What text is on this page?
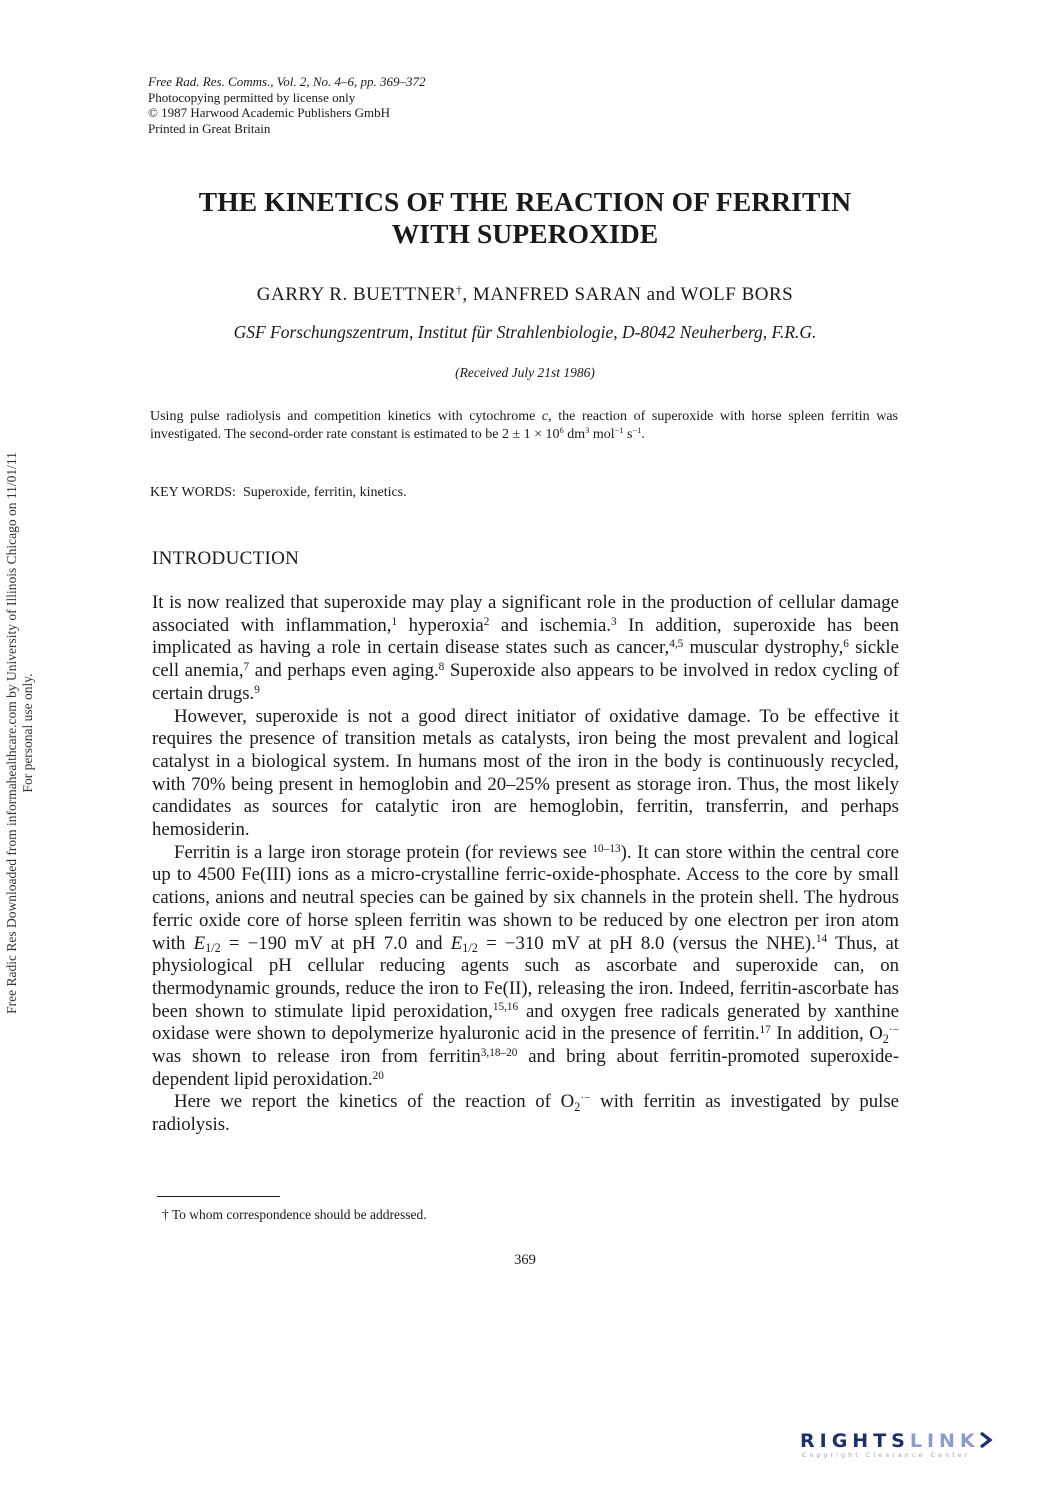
Free Rad. Res. Comms., Vol. 2, No. 4–6, pp. 369–372
Photocopying permitted by license only
© 1987 Harwood Academic Publishers GmbH
Printed in Great Britain
THE KINETICS OF THE REACTION OF FERRITIN
WITH SUPEROXIDE
GARRY R. BUETTNER†, MANFRED SARAN and WOLF BORS
GSF Forschungszentrum, Institut für Strahlenbiologie, D-8042 Neuherberg, F.R.G.
(Received July 21st 1986)
Using pulse radiolysis and competition kinetics with cytochrome c, the reaction of superoxide with horse spleen ferritin was investigated. The second-order rate constant is estimated to be $2 \pm 1 \times 10^6$ $dm^3$ mol$^{-1}$ $s^{-1}$.
KEY WORDS: Superoxide, ferritin, kinetics.
INTRODUCTION

It is now realized that superoxide may play a significant role in the production of cellular damage associated with inflammation,$^1$ hyperoxia$^2$ and ischemia.$^3$ In addition, superoxide has been implicated as having a role in certain disease states such as cancer,$^{4,5}$ muscular dystrophy,$^6$ sickle cell anemia,$^7$ and perhaps even aging.$^8$ Superoxide also appears to be involved in redox cycling of certain drugs.$^9$

However, superoxide is not a good direct initiator of oxidative damage. To be effective it requires the presence of transition metals as catalysts, iron being the most prevalent and logical catalyst in a biological system. In humans most of the iron in the body is continuously recycled, with 70% being present in hemoglobin and 20–25% present as storage iron. Thus, the most likely candidates as sources for catalytic iron are hemoglobin, ferritin, transferrin, and perhaps hemosiderin.

Ferritin is a large iron storage protein (for reviews see $^{10-13}$). It can store within the central core up to 4500 Fe(III) ions as a micro-crystalline ferric-oxide-phosphate. Access to the core by small cations, anions and neutral species can be gained by six channels in the protein shell. The hydrous ferric oxide core of horse spleen ferritin was shown to be reduced by one electron per iron atom with $E_{1/2} = -190$ mV at pH 7.0 and $E_{1/2} = -310$ mV at pH 8.0 (versus the NHE).$^{14}$ Thus, at physiological pH cellular reducing agents such as ascorbate and superoxide can, on thermodynamic grounds, reduce the iron to Fe(II), releasing the iron. Indeed, ferritin-ascorbate has been shown to stimulate lipid peroxidation,$^{15,16}$ and oxygen free radicals generated by xanthine oxidase were shown to depolymerize hyaluronic acid in the presence of ferritin.$^{17}$ In addition, $O_2^{\cdot-}$ was shown to release iron from ferritin$^{3,18-20}$ and bring about ferritin-promoted superoxide-dependent lipid peroxidation.$^{20}$

Here we report the kinetics of the reaction of $O_2^{\cdot-}$ with ferritin as investigated by pulse radiolysis.

† To whom correspondence should be addressed.
369
Free Radic Res Downloaded from informahealthcare.com by University of Illinois Chicago on 11/01/11 For personal use only.
RIGHTSLINK
Copyright Clearance Center
